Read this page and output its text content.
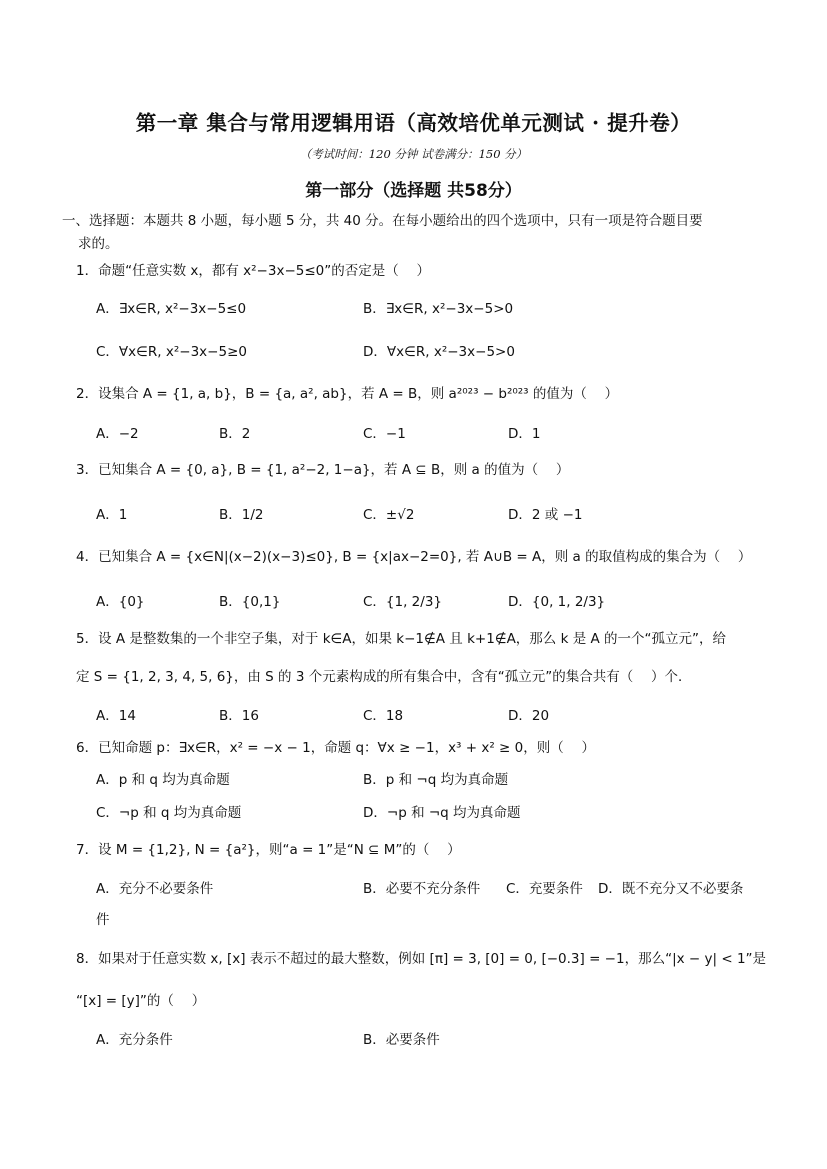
第一章 集合与常用逻辑用语（高效培优单元测试 · 提升卷）
（考试时间：120 分钟 试卷满分：150 分）
第一部分（选择题 共58分）
一、选择题：本题共 8 小题，每小题 5 分，共 40 分。在每小题给出的四个选项中，只有一项是符合题目要
求的。
1．命题“任意实数 x，都有 x²−3x−5≤0”的否定是（　 ）
A．∃x∈R, x²−3x−5≤0	B．∃x∈R, x²−3x−5>0
C．∀x∈R, x²−3x−5≥0	D．∀x∈R, x²−3x−5>0
2．设集合 A = {1, a, b}，B = {a, a², ab}，若 A = B，则 a²⁰²³ − b²⁰²³ 的值为（　 ）
A．−2	B．2	C．−1	D．1
3．已知集合 A = {0, a}, B = {1, a²−2, 1−a}，若 A ⊆ B，则 a 的值为（　 ）
A．1	B．1/2	C．±√2	D．2 或 −1
4．已知集合 A = {x∈N|(x−2)(x−3)≤0}, B = {x|ax−2=0}, 若 A∪B = A，则 a 的取值构成的集合为（　 ）
A．{0}	B．{0,1}	C．{1, 2/3}	D．{0, 1, 2/3}
5．设 A 是整数集的一个非空子集，对于 k∈A，如果 k−1∉A 且 k+1∉A，那么 k 是 A 的一个“孤立元”，给
定 S = {1, 2, 3, 4, 5, 6}，由 S 的 3 个元素构成的所有集合中，含有“孤立元”的集合共有（　 ）个．
A．14	B．16	C．18	D．20
6．已知命题 p：∃x∈R，x² = −x − 1，命题 q：∀x ≥ −1，x³ + x² ≥ 0，则（　 ）
A．p 和 q 均为真命题	B．p 和 ¬q 均为真命题
C．¬p 和 q 均为真命题	D．¬p 和 ¬q 均为真命题
7．设 M = {1,2}, N = {a²}，则“a = 1”是“N ⊆ M”的（　 ）
A．充分不必要条件	B．必要不充分条件 C．充要条件 D．既不充分又不必要条
件
8．如果对于任意实数 x, [x] 表示不超过的最大整数，例如 [π] = 3, [0] = 0, [−0.3] = −1，那么“|x − y| < 1”是
“[x] = [y]”的（　 ）
A．充分条件	B．必要条件
